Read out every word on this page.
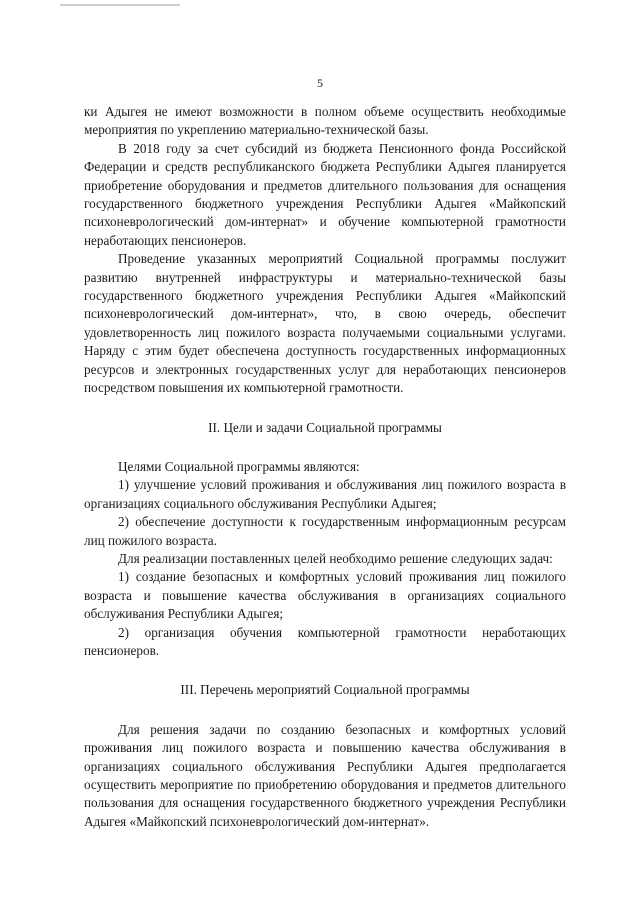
5

ки Адыгея не имеют возможности в полном объеме осуществить необходимые мероприятия по укреплению материально-технической базы.

В 2018 году за счет субсидий из бюджета Пенсионного фонда Российской Федерации и средств республиканского бюджета Республики Адыгея планируется приобретение оборудования и предметов длительного пользования для оснащения государственного бюджетного учреждения Республики Адыгея «Майкопский психоневрологический дом-интернат» и обучение компьютерной грамотности неработающих пенсионеров.

Проведение указанных мероприятий Социальной программы послужит развитию внутренней инфраструктуры и материально-технической базы государственного бюджетного учреждения Республики Адыгея «Майкопский психоневрологический дом-интернат», что, в свою очередь, обеспечит удовлетворенность лиц пожилого возраста получаемыми социальными услугами. Наряду с этим будет обеспечена доступность государственных информационных ресурсов и электронных государственных услуг для неработающих пенсионеров посредством повышения их компьютерной грамотности.

II. Цели и задачи Социальной программы

Целями Социальной программы являются:

1) улучшение условий проживания и обслуживания лиц пожилого возраста в организациях социального обслуживания Республики Адыгея;

2) обеспечение доступности к государственным информационным ресурсам лиц пожилого возраста.

Для реализации поставленных целей необходимо решение следующих задач:

1) создание безопасных и комфортных условий проживания лиц пожилого возраста и повышение качества обслуживания в организациях социального обслуживания Республики Адыгея;

2) организация обучения компьютерной грамотности неработающих пенсионеров.

III. Перечень мероприятий Социальной программы

Для решения задачи по созданию безопасных и комфортных условий проживания лиц пожилого возраста и повышению качества обслуживания в организациях социального обслуживания Республики Адыгея предполагается осуществить мероприятие по приобретению оборудования и предметов длительного пользования для оснащения государственного бюджетного учреждения Республики Адыгея «Майкопский психоневрологический дом-интернат».
